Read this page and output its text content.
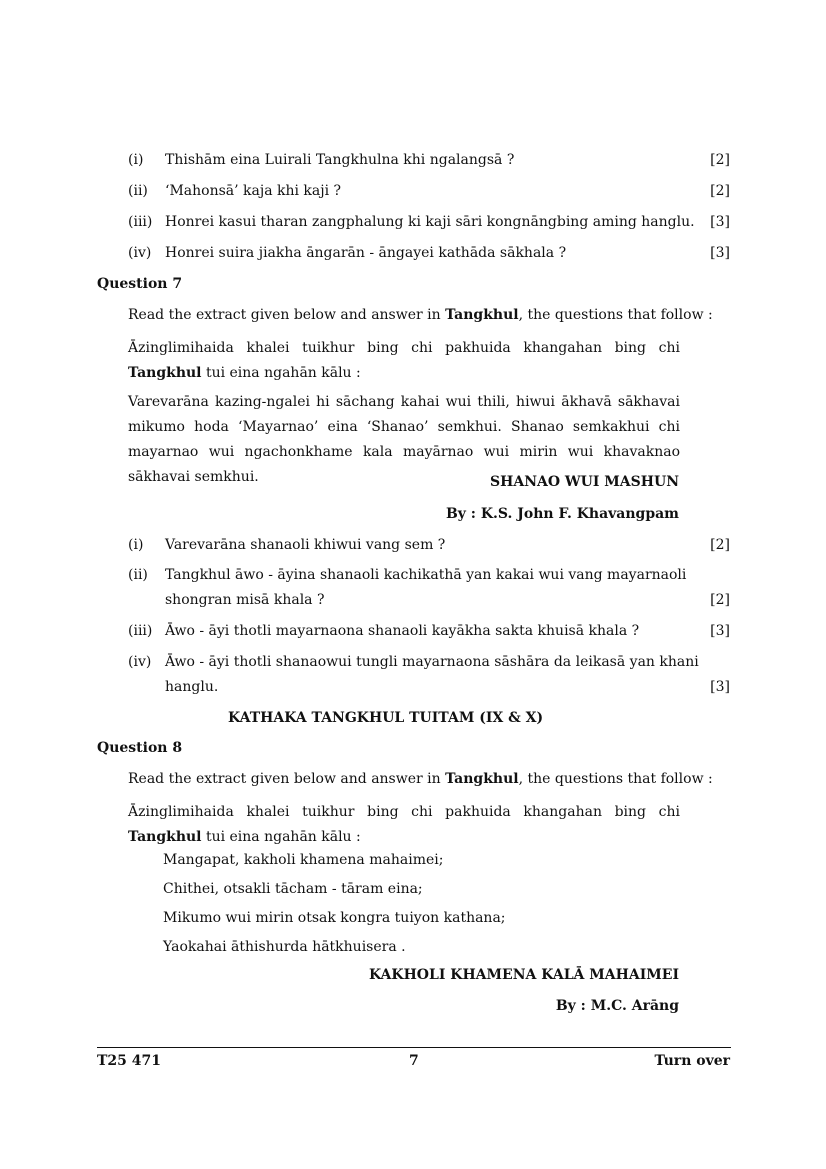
(i) Thishām eina Luirali Tangkhulna khi ngalangsā ?	[2]
(ii) ‘Mahonsā’ kaja khi kaji ?	[2]
(iii) Honrei kasui tharan zangphalung ki kaji sāri kongnāngbing aming hanglu. [3]
(iv) Honrei suira jiakha āngarān - āngayei kathāda sākhala ?	[3]
Question 7
Read the extract given below and answer in Tangkhul, the questions that follow :
Āzinglimihaida khalei tuikhur bing chi pakhuida khangahan bing chi Tangkhul tui eina ngahān kālu :
Varevarāna kazing-ngalei hi sāchang kahai wui thili, hiwui ākhavā sākhavai mikumo hoda ‘Mayarnao’ eina ‘Shanao’ semkhui. Shanao semkakhui chi mayarnao wui ngachonkhame kala mayārnao wui mirin wui khavaknao sākhavai semkhui.	SHANAO WUI MASHUN
By : K.S. John F. Khavangpam
(i) Varevarāna shanaoli khiwui vang sem ?	[2]
(ii) Tangkhul āwo - āyina shanaoli kachikathā yan kakai wui vang mayarnaoli
shongran misā khala ?	[2]
(iii) Āwo - āyi thotli mayarnaona shanaoli kayākha sakta khuisā khala ?	[3]
(iv) Āwo - āyi thotli shanaowui tungli mayarnaona sāshāra da leikasā yan khani
hanglu.	[3]
KATHAKA TANGKHUL TUITAM (IX & X)
Question 8
Read the extract given below and answer in Tangkhul, the questions that follow :
Āzinglimihaida khalei tuikhur bing chi pakhuida khangahan bing chi Tangkhul tui eina ngahān kālu :
Mangapat, kakholi khamena mahaimei;
Chithei, otsakli tācham - tāram eina;
Mikumo wui mirin otsak kongra tuiyon kathana;
Yaokahai āthishurda hātkhuisera .
KAKHOLI KHAMENA KALĀ MAHAIMEI
By : M.C. Arāng
T25 471	7	Turn over
